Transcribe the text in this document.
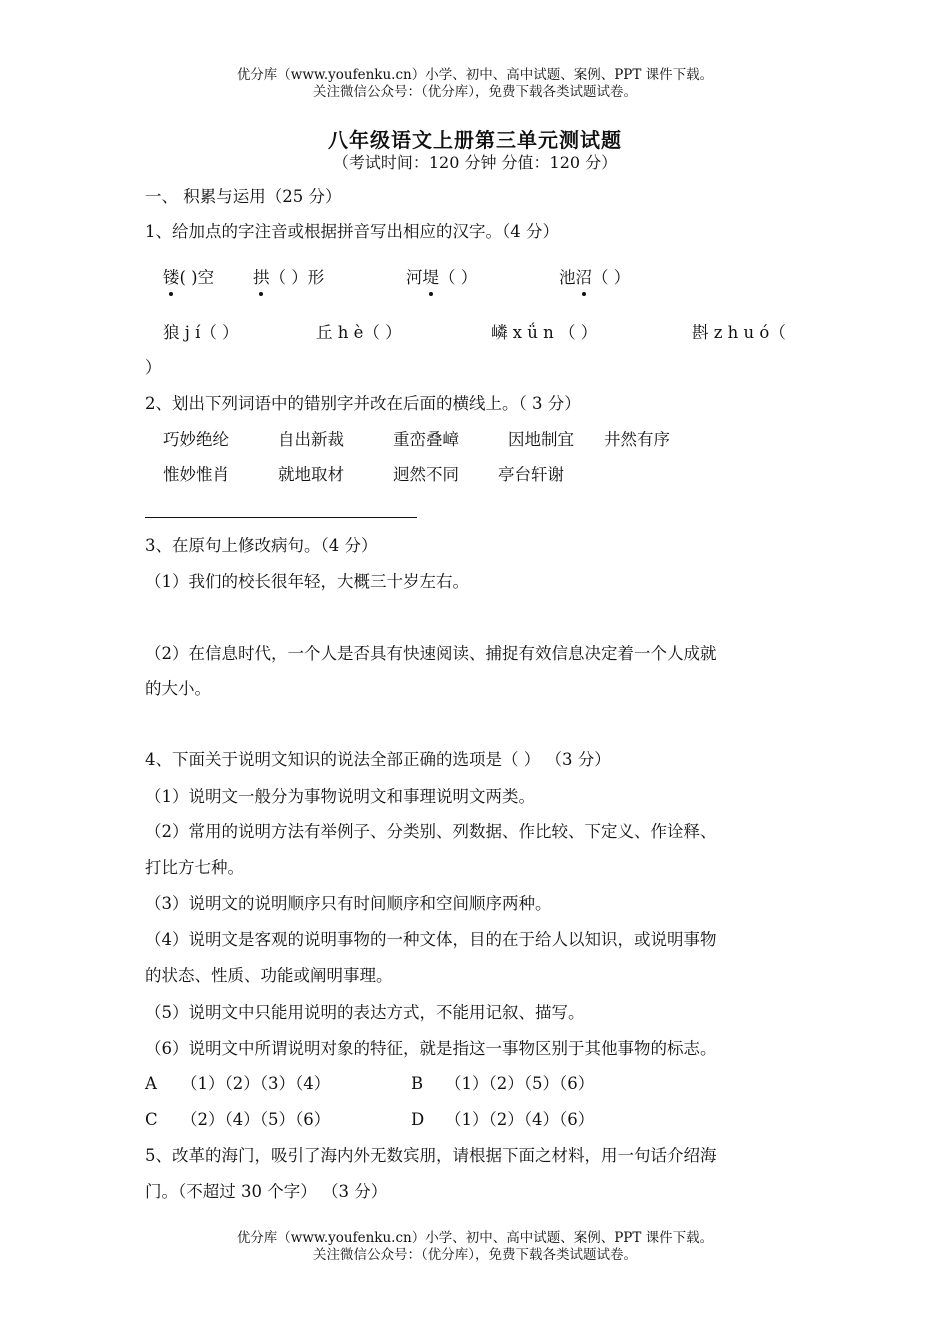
优分库（www.youfenku.cn）小学、初中、高中试题、案例、PPT 课件下载。
关注微信公众号：（优分库），免费下载各类试题试卷。
八年级语文上册第三单元测试题
（考试时间：120 分钟 分值：120 分）
一、 积累与运用（25 分）
1、给加点的字注音或根据拼音写出相应的汉字。（4 分）
镂( )空 拱（ ）形	河堤（ ）	池沼（ ）
狼 j í（ ）	丘 h è（ ）	嶙 x ǘ n （ ）	斟 z h u ó（
）
2、划出下列词语中的错别字并改在后面的横线上。（ 3 分）
巧妙绝纶	自出新裁	重峦叠嶂	因地制宜 井然有序
惟妙惟肖	就地取材	迥然不同 亭台轩谢
3、在原句上修改病句。（4 分）
（1）我们的校长很年轻，大概三十岁左右。
（2）在信息时代，一个人是否具有快速阅读、捕捉有效信息决定着一个人成就
的大小。
4、下面关于说明文知识的说法全部正确的选项是（ ） （3 分）
（1）说明文一般分为事物说明文和事理说明文两类。
（2）常用的说明方法有举例子、分类别、列数据、作比较、下定义、作诠释、
打比方七种。
（3）说明文的说明顺序只有时间顺序和空间顺序两种。
（4）说明文是客观的说明事物的一种文体，目的在于给人以知识，或说明事物
的状态、性质、功能或阐明事理。
（5）说明文中只能用说明的表达方式，不能用记叙、描写。
（6）说明文中所谓说明对象的特征，就是指这一事物区别于其他事物的标志。
A （1）（2）（3）（4）	B （1）（2）（5）（6）
C （2）（4）（5）（6）	D （1）（2）（4）（6）
5、改革的海门，吸引了海内外无数宾朋，请根据下面之材料，用一句话介绍海
门。（不超过 30 个字） （3 分）
优分库（www.youfenku.cn）小学、初中、高中试题、案例、PPT 课件下载。
关注微信公众号：（优分库），免费下载各类试题试卷。
